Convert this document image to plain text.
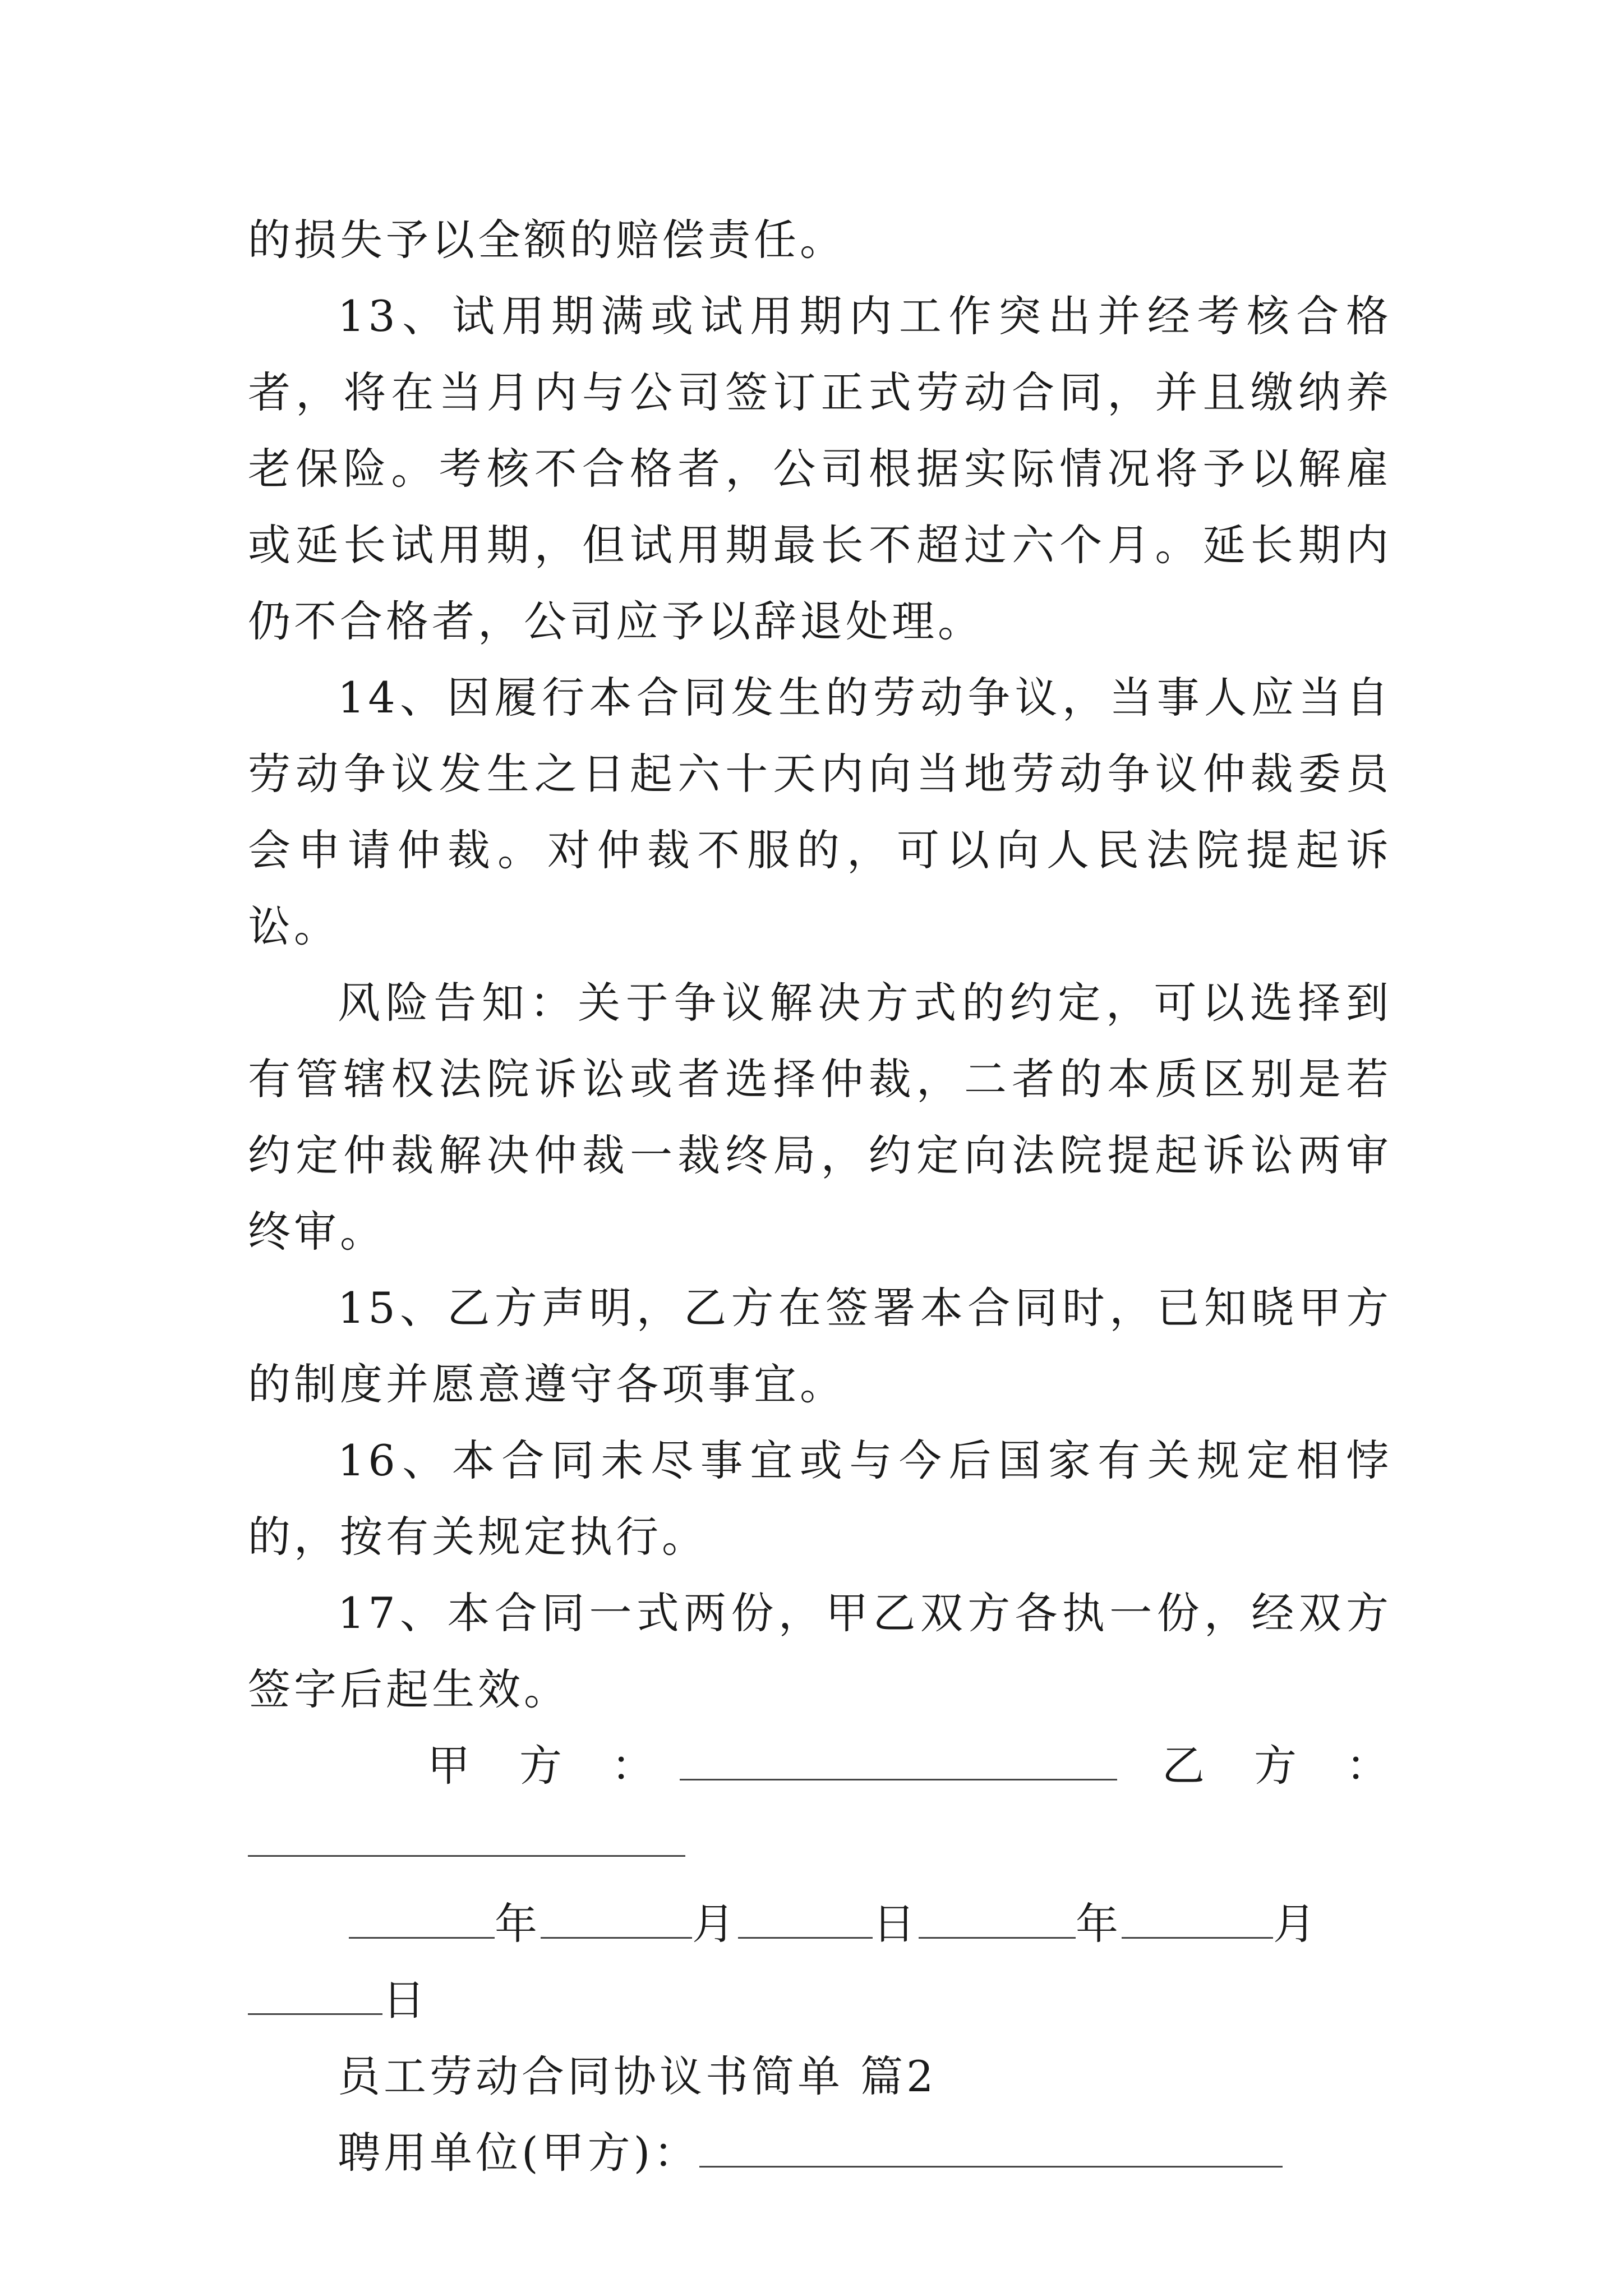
的损失予以全额的赔偿责任。

13、试用期满或试用期内工作突出并经考核合格者，将在当月内与公司签订正式劳动合同，并且缴纳养老保险。考核不合格者，公司根据实际情况将予以解雇或延长试用期，但试用期最长不超过六个月。延长期内仍不合格者，公司应予以辞退处理。

14、因履行本合同发生的劳动争议，当事人应当自劳动争议发生之日起六十天内向当地劳动争议仲裁委员会申请仲裁。对仲裁不服的，可以向人民法院提起诉讼。

风险告知：关于争议解决方式的约定，可以选择到有管辖权法院诉讼或者选择仲裁，二者的本质区别是若约定仲裁解决仲裁一裁终局，约定向法院提起诉讼两审终审。

15、乙方声明，乙方在签署本合同时，已知晓甲方的制度并愿意遵守各项事宜。

16、本合同未尽事宜或与今后国家有关规定相悖的，按有关规定执行。

17、本合同一式两份，甲乙双方各执一份，经双方签字后起生效。

甲　方　：	乙　方　：
年	月	日	年	月
日
员工劳动合同协议书简单 篇2
聘用单位(甲方)：
